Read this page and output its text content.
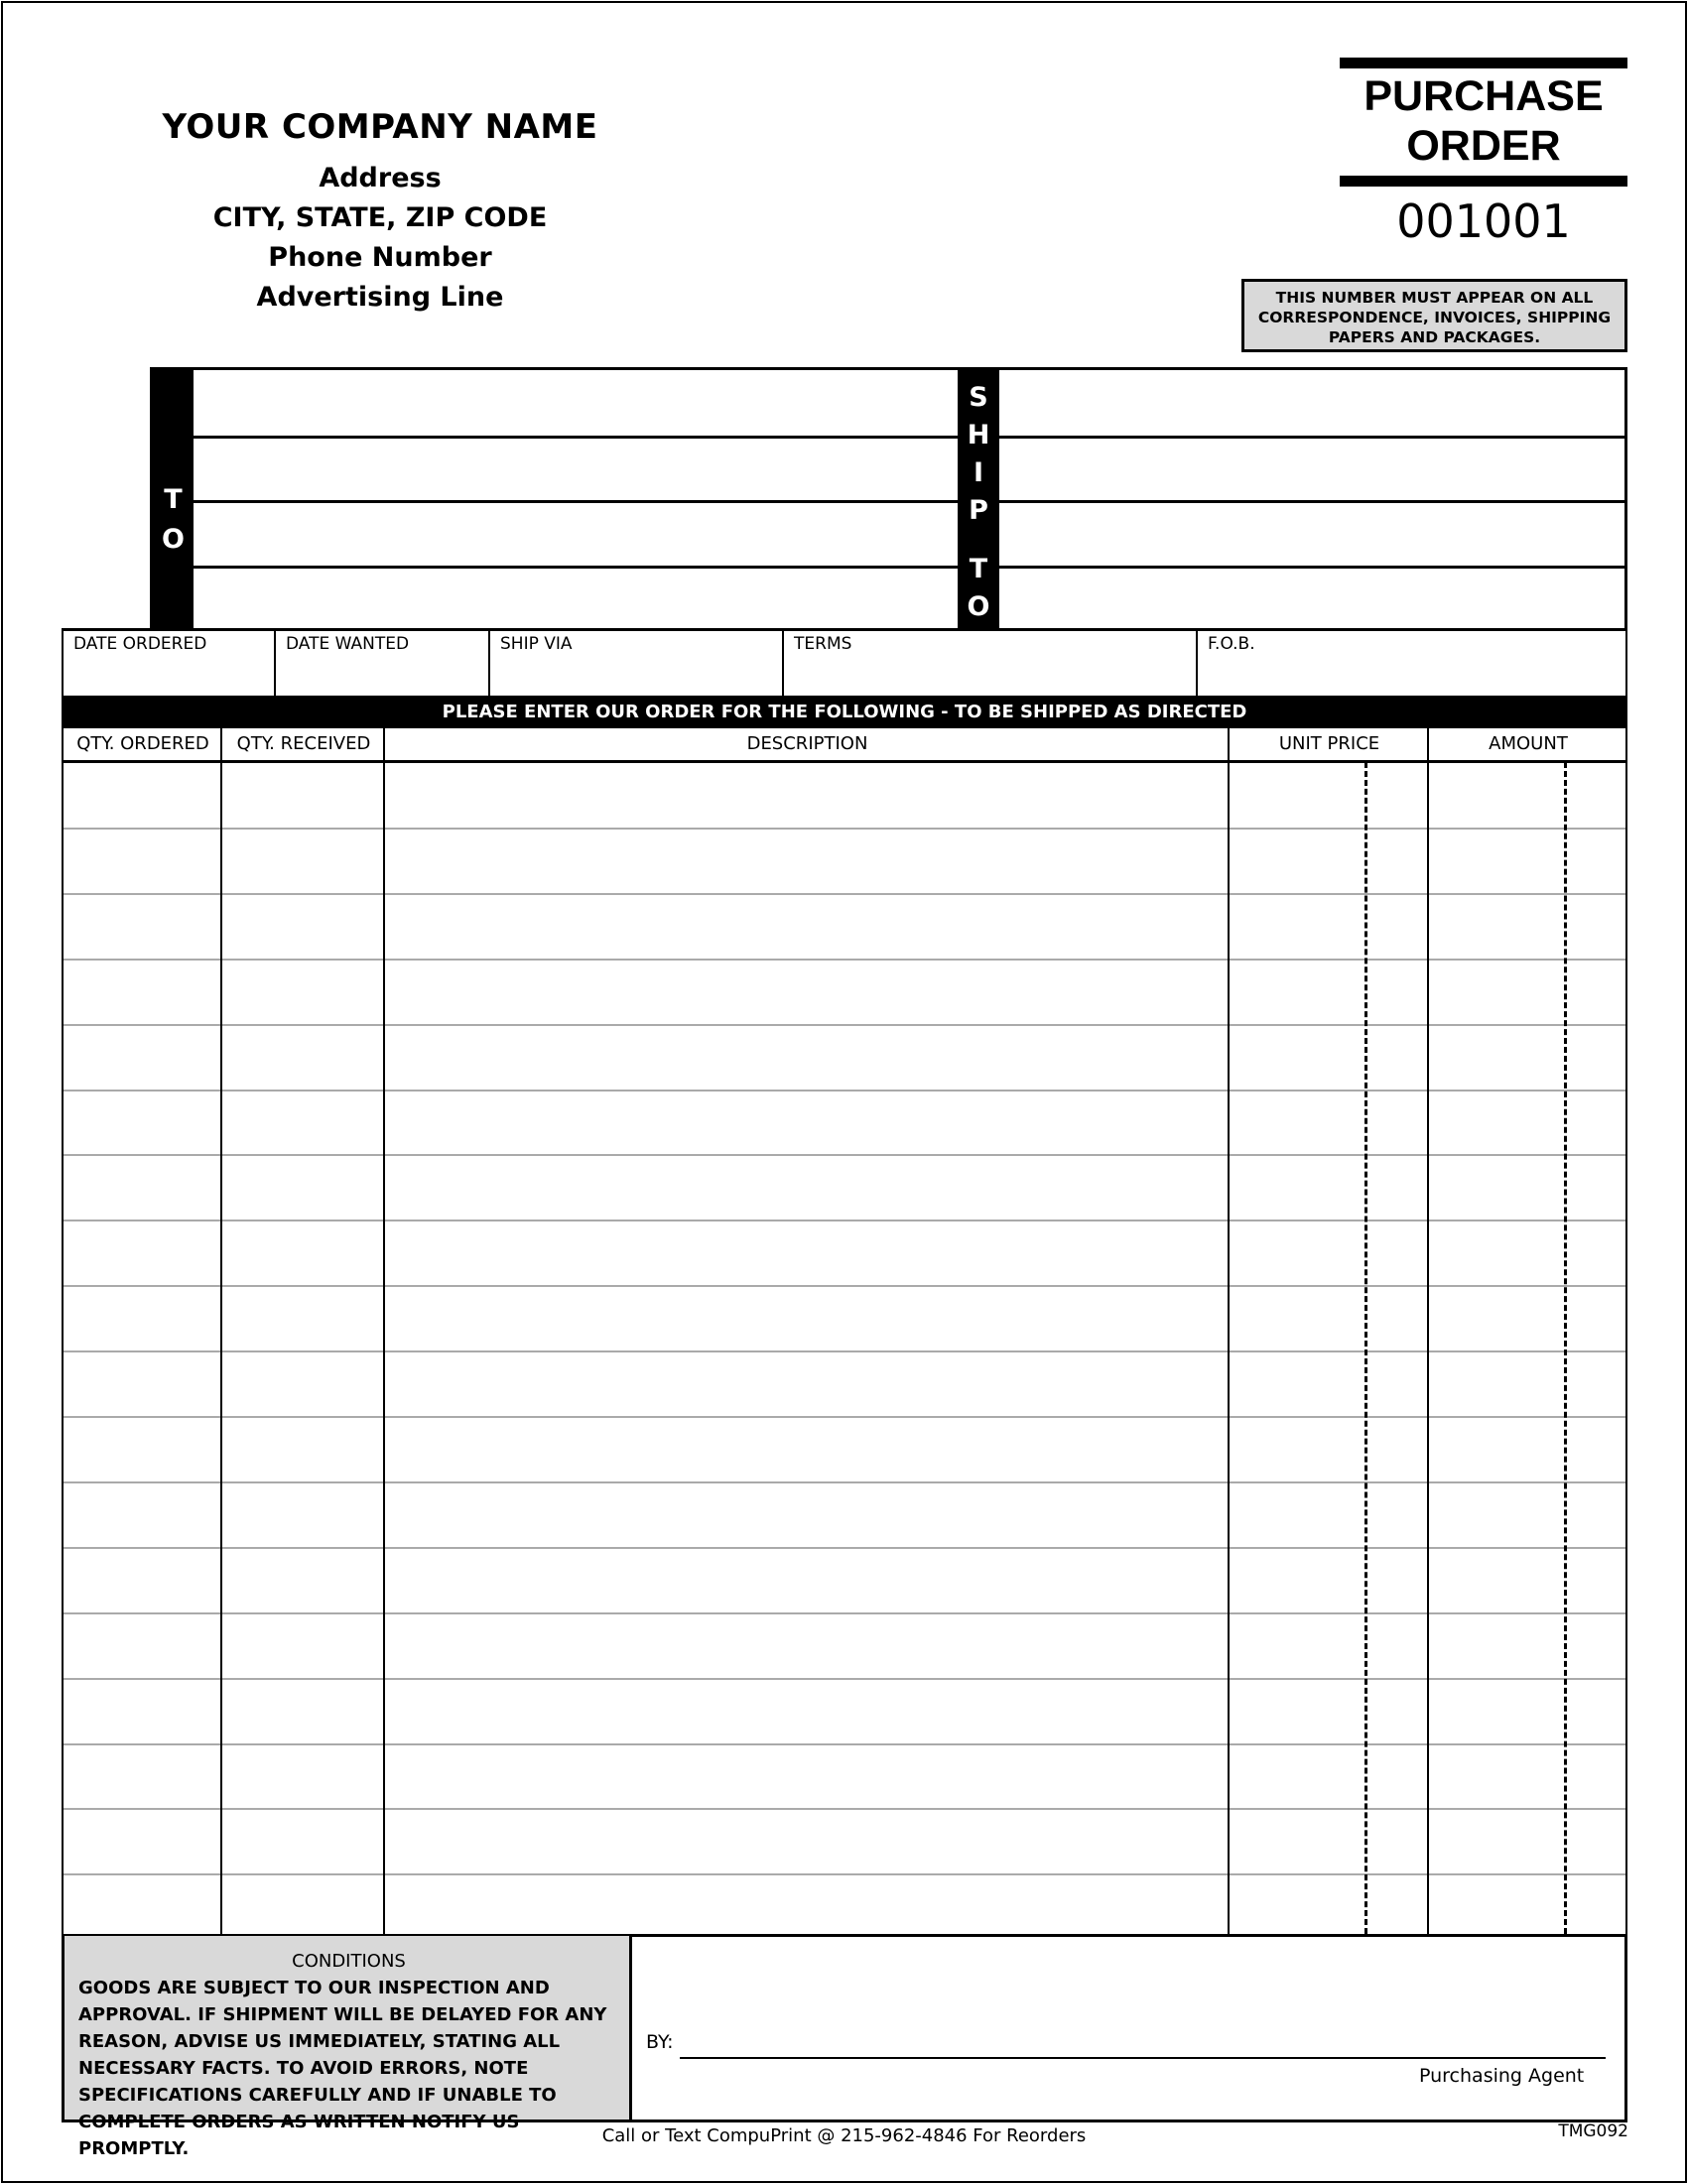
YOUR COMPANY NAME
Address
CITY, STATE, ZIP CODE
Phone Number
Advertising Line
PURCHASE
ORDER
001001
THIS NUMBER MUST APPEAR ON ALL CORRESPONDENCE, INVOICES, SHIPPING PAPERS AND PACKAGES.
T
O
S
H
I
P
T
O
DATE ORDERED	DATE WANTED	SHIP VIA	TERMS	F.O.B.
PLEASE ENTER OUR ORDER FOR THE FOLLOWING - TO BE SHIPPED AS DIRECTED
QTY. ORDERED	QTY. RECEIVED	DESCRIPTION	UNIT PRICE	AMOUNT
CONDITIONS
GOODS ARE SUBJECT TO OUR INSPECTION AND APPROVAL. IF SHIPMENT WILL BE DELAYED FOR ANY REASON, ADVISE US IMMEDIATELY, STATING ALL NECESSARY FACTS. TO AVOID ERRORS, NOTE SPECIFICATIONS CAREFULLY AND IF UNABLE TO COMPLETE ORDERS AS WRITTEN NOTIFY US PROMPTLY.
BY:
Purchasing Agent
Call or Text CompuPrint @ 215-962-4846 For Reorders	TMG092
